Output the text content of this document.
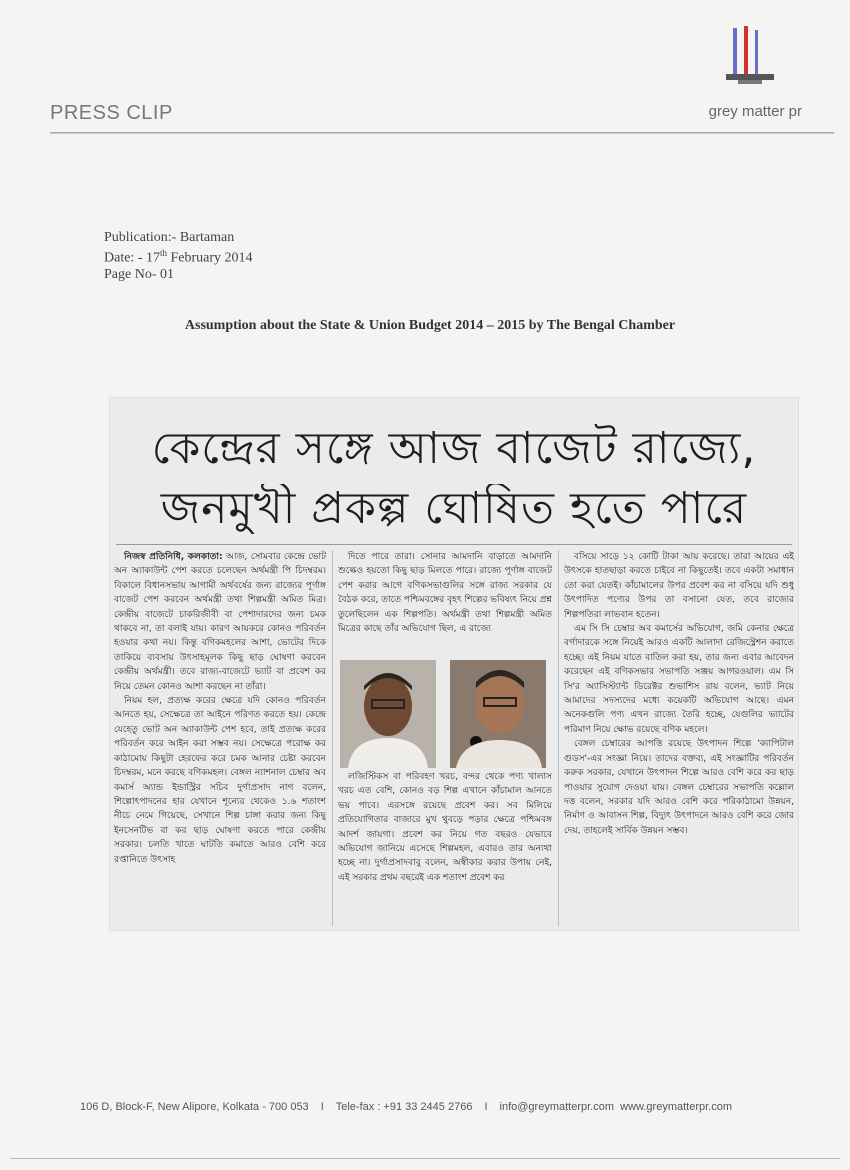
PRESS CLIP	grey matter pr
Publication:- Bartaman
Date: - 17th February 2014
Page No- 01
Assumption about the State & Union Budget 2014 – 2015 by The Bengal Chamber
কেন্দ্রের সঙ্গে আজ বাজেট রাজ্যে,
জনমুখী প্রকল্প ঘোষিত হতে পারে

নিজস্ব প্রতিনিধি, কলকাতা: আজ, সোমবার কেন্দ্রে ভোট অন অ্যাকাউন্ট পেশ করতে চলেছেন অর্থমন্ত্রী পি চিদম্বরম। বিকালে বিধানসভায় আগামী অর্থবর্ষের জন্য রাজ্যের পূর্ণাঙ্গ বাজেট পেশ করবেন অর্থমন্ত্রী তথা শিল্পমন্ত্রী অমিত মিত্র। কেন্দ্রীয় বাজেটে চাকরিজীবী বা পেশাদারদের জন্য চমক থাকবে না, তা বলাই যায়। কারণ আয়করে কোনও পরিবর্তন হওয়ার কথা নয়। কিন্তু বণিকমহলের আশা, ভোটের দিকে তাকিয়ে ব্যবসায় উৎসাহমূলক কিছু ছাড় ঘোষণা করবেন কেন্দ্রীয় অর্থমন্ত্রী। তবে রাজ্য-বাজেটে ভ্যাট বা প্রবেশ কর নিয়ে তেমন কোনও আশা করছেন না তাঁরা।

নিয়ম হল, প্রত্যক্ষ করের ক্ষেত্রে যদি কোনও পরিবর্তন আনতে হয়, সেক্ষেত্রে তা আইনে পরিণত করতে হয়। কেন্দ্রে যেহেতু ভোট অন অ্যাকাউন্ট পেশ হবে, তাই প্রত্যক্ষ করের পরিবর্তন করে আইন করা সম্ভব নয়। সেক্ষেত্রে পরোক্ষ কর কাঠামোয় কিছুটা হেরফের করে চমক আনার চেষ্টা করবেন চিদম্বরম, মনে করছে বণিকমহল। বেঙ্গল ন্যাশনাল চেম্বার অব কমার্স অ্যান্ড ইন্ডাস্ট্রির সচিব দুর্গাপ্রসাদ নাগ বলেন, শিল্পোৎপাদনের হার যেখানে শূন্যের থেকেও ১.৬ শতাংশ নীচে নেমে গিয়েছে, সেখানে শিল্প চাঙ্গা করার জন্য কিছু ইনসেনটিভ বা কর ছাড় ঘোষণা করতে পারে কেন্দ্রীয় সরকার। চলতি খাতে ঘাটতি কমাতে আরও বেশি করে রপ্তানিতে উৎসাহ

দিতে পারে তারা। সোনার আমদানি বাড়াতে আমদানি শুল্কেও হয়তো কিছু ছাড় মিলতে পারে। রাজ্যে পূর্ণাঙ্গ বাজেট পেশ করার আগে বণিকসভাগুলির সঙ্গে রাজ্য সরকার যে বৈঠক করে, তাতে পশ্চিমবঙ্গের বৃহৎ শিল্পের ভবিষ্যৎ নিয়ে প্রশ্ন তুলেছিলেন এক শিল্পপতি। অর্থমন্ত্রী তথা শিল্পমন্ত্রী অমিত মিত্রের কাছে তাঁর অভিযোগ ছিল, এ রাজ্যে

লজিস্টিকস বা পরিবহণ খরচ, বন্দর থেকে পণ্য খালাস খরচ এত বেশি, কোনও বড় শিল্প এখানে কাঁচামাল আনতে ভয় পাবে। এরসঙ্গে রয়েছে প্রবেশ কর। সব মিলিয়ে প্রতিযোগিতার বাজারে মুখ থুবড়ে পড়ার ক্ষেত্রে পশ্চিমবঙ্গ আদর্শ জায়গা। প্রবেশ কর নিয়ে গত বছরও যেভাবে অভিযোগ জানিয়ে এসেছে শিল্পমহল, এবারও তার অন্যথা হচ্ছে না। দুর্গাপ্রসাদবাবু বলেন, অস্বীকার করার উপায় নেই, এই সরকার প্রথম বছরেই এক শতাংশ প্রবেশ কর

বসিয়ে সাড়ে ১২ কোটি টাকা আয় করেছে। তারা আয়ের এই উৎসকে হাতছাড়া করতে চাইবে না কিছুতেই। তবে একটা সমাধান তো করা যেতই। কাঁচামালের উপর প্রবেশ কর না বসিয়ে যদি শুধু উৎপাদিত পণ্যের উপর তা বসানো যেত, তবে রাজ্যের শিল্পপতিরা লাভবান হতেন।

এম সি সি চেম্বার অব কমার্সের অভিযোগ, জমি কেনার ক্ষেত্রে বর্গাদারকে সঙ্গে নিয়েই আরও একটি আলাদা রেজিস্ট্রেশন করাতে হচ্ছে। এই নিয়ম যাতে বাতিল করা হয়, তার জন্য এবার আবেদন করেছেন এই বণিকসভার সভাপতি সঞ্জয় আগরওয়াল। এম সি সি'র অ্যাসিস্ট্যান্ট ডিরেক্টর শুভাশিস রায় বলেন, ভ্যাট নিয়ে আমাদের সদস্যদের মধ্যে কয়েকটি অভিযোগ আছে। এমন অনেকগুলি পণ্য এখন রাজ্যে তৈরি হচ্ছে, যেগুলির ভ্যাটের পরিমাণ নিয়ে ক্ষোভ রয়েছে বণিক মহলে।

বেঙ্গল চেম্বারের আপত্তি রয়েছে উৎপাদন শিল্পে 'ক্যাপিটাল গুডস'-এর সংজ্ঞা নিয়ে। তাদের বক্তব্য, এই সংজ্ঞাটির পরিবর্তন করুক সরকার, যেখানে উৎপাদন শিল্পে আরও বেশি করে কর ছাড় পাওয়ার সুযোগ দেওয়া যায়। বেঙ্গল চেম্বারের সভাপতি কল্লোল দত্ত বলেন, সরকার যদি আরও বেশি করে পরিকাঠামো উন্নয়ন, নির্মাণ ও আবাসন শিল্প, বিদ্যুৎ উৎপাদনে আরও বেশি করে জোর দেয়, তাহলেই সার্বিক উন্নয়ন সম্ভব।

106 D, Block-F, New Alipore, Kolkata - 700 053 I Tele-fax : +91 33 2445 2766 I info@greymatterpr.com www.greymatterpr.com
